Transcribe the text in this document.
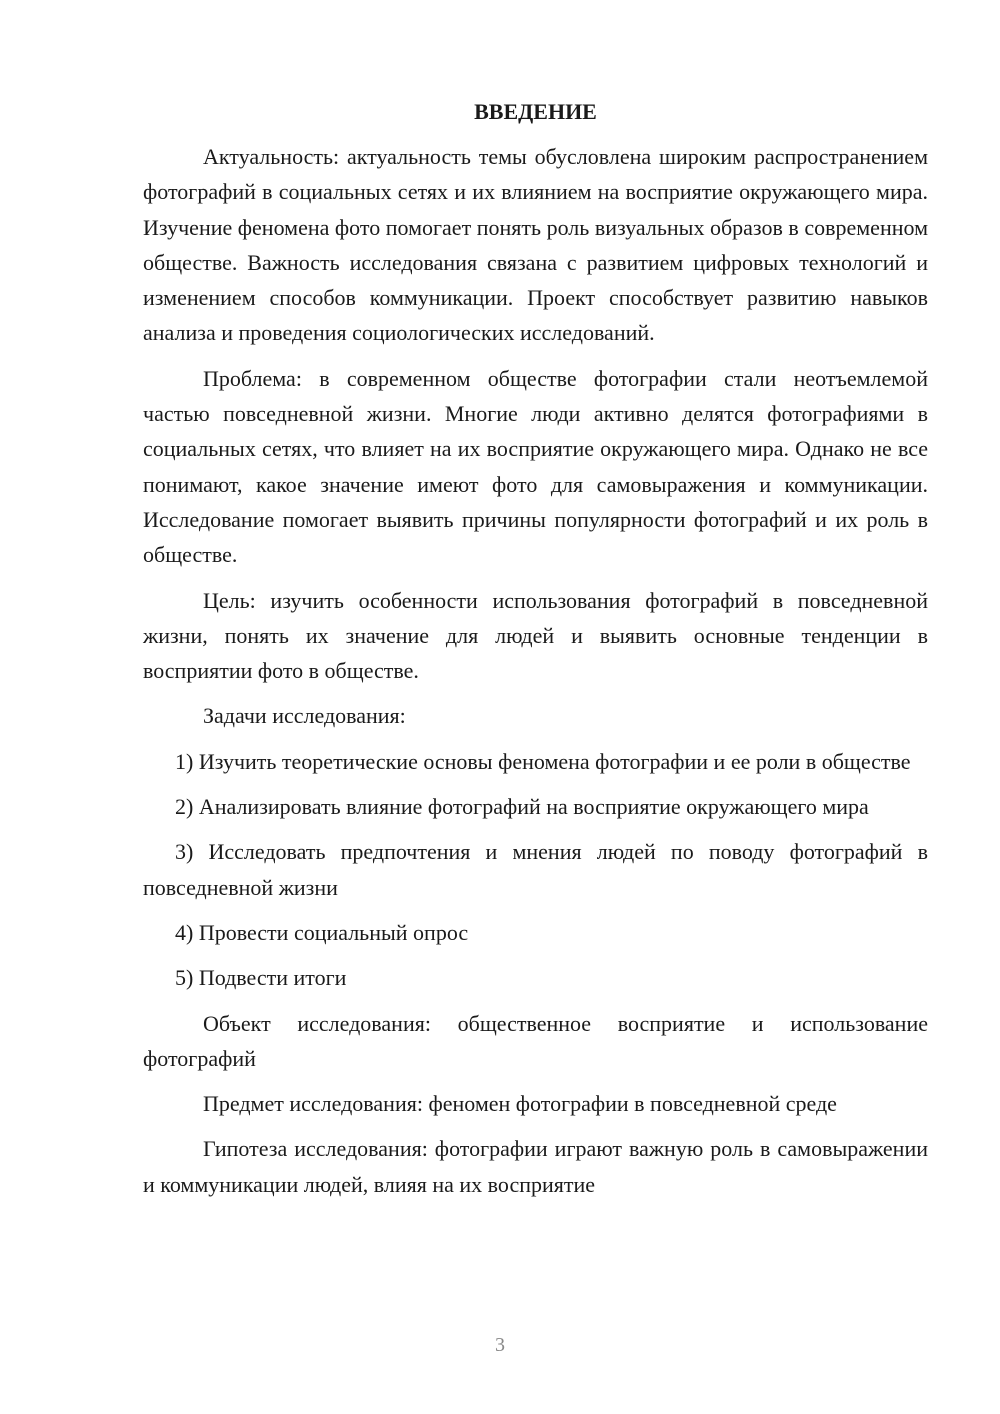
ВВЕДЕНИЕ

Актуальность: актуальность темы обусловлена широким распространением фотографий в социальных сетях и их влиянием на восприятие окружающего мира. Изучение феномена фото помогает понять роль визуальных образов в современном обществе. Важность исследования связана с развитием цифровых технологий и изменением способов коммуникации. Проект способствует развитию навыков анализа и проведения социологических исследований.

Проблема: в современном обществе фотографии стали неотъемлемой частью повседневной жизни. Многие люди активно делятся фотографиями в социальных сетях, что влияет на их восприятие окружающего мира. Однако не все понимают, какое значение имеют фото для самовыражения и коммуникации. Исследование помогает выявить причины популярности фотографий и их роль в обществе.

Цель: изучить особенности использования фотографий в повседневной жизни, понять их значение для людей и выявить основные тенденции в восприятии фото в обществе.

Задачи исследования:

1) Изучить теоретические основы феномена фотографии и ее роли в обществе

2) Анализировать влияние фотографий на восприятие окружающего мира

3) Исследовать предпочтения и мнения людей по поводу фотографий в повседневной жизни

4) Провести социальный опрос

5) Подвести итоги

Объект исследования: общественное восприятие и использование фотографий

Предмет исследования: феномен фотографии в повседневной среде

Гипотеза исследования: фотографии играют важную роль в самовыражении и коммуникации людей, влияя на их восприятие

3
